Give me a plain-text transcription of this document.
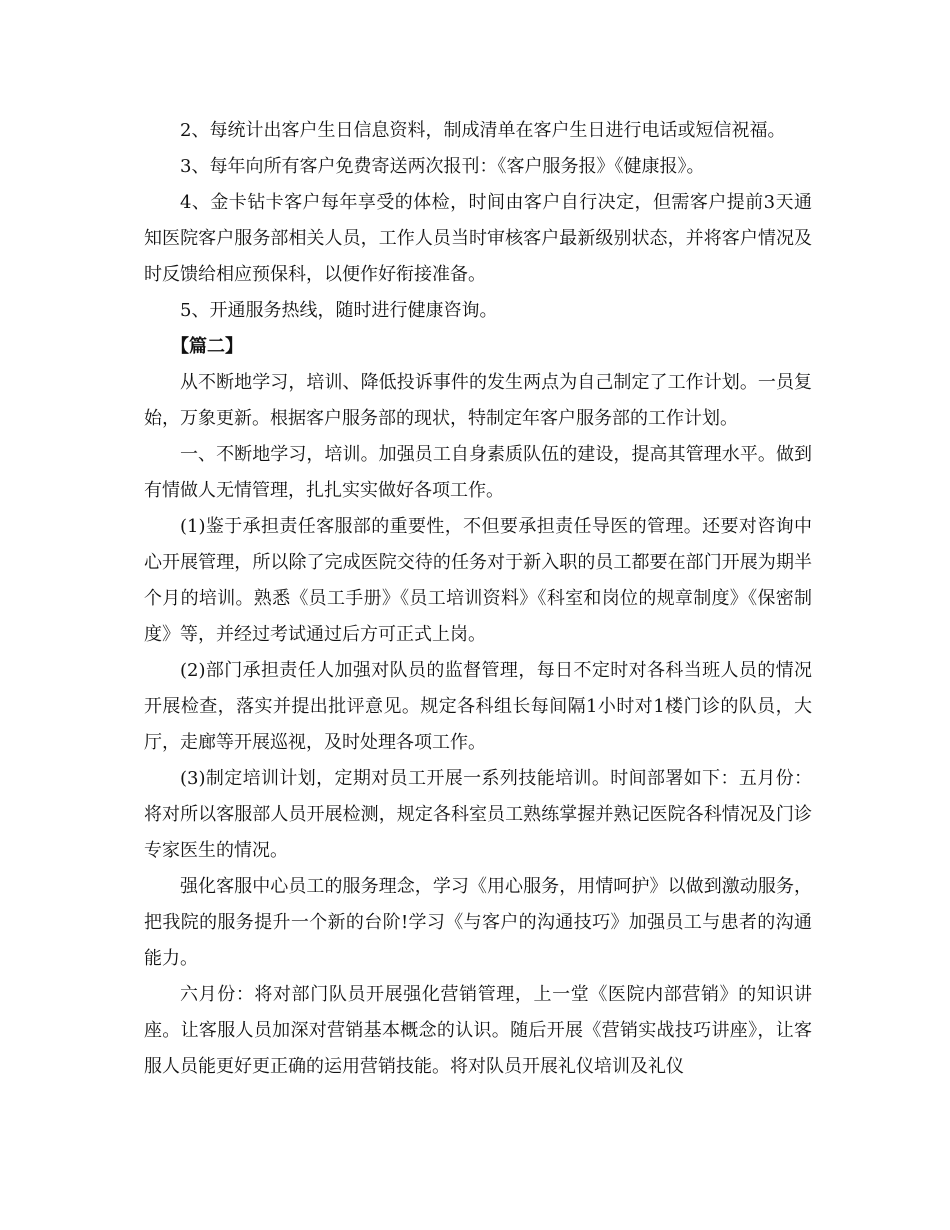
2、每统计出客户生日信息资料，制成清单在客户生日进行电话或短信祝福。

3、每年向所有客户免费寄送两次报刊：《客户服务报》《健康报》。

4、金卡钻卡客户每年享受的体检，时间由客户自行决定，但需客户提前3天通知医院客户服务部相关人员，工作人员当时审核客户最新级别状态，并将客户情况及时反馈给相应预保科，以便作好衔接准备。

5、开通服务热线，随时进行健康咨询。

【篇二】

从不断地学习，培训、降低投诉事件的发生两点为自己制定了工作计划。一员复始，万象更新。根据客户服务部的现状，特制定年客户服务部的工作计划。

一、不断地学习，培训。加强员工自身素质队伍的建设，提高其管理水平。做到有情做人无情管理，扎扎实实做好各项工作。

(1)鉴于承担责任客服部的重要性，不但要承担责任导医的管理。还要对咨询中心开展管理，所以除了完成医院交待的任务对于新入职的员工都要在部门开展为期半个月的培训。熟悉《员工手册》《员工培训资料》《科室和岗位的规章制度》《保密制度》等，并经过考试通过后方可正式上岗。

(2)部门承担责任人加强对队员的监督管理，每日不定时对各科当班人员的情况开展检查，落实并提出批评意见。规定各科组长每间隔1小时对1楼门诊的队员，大厅，走廊等开展巡视，及时处理各项工作。

(3)制定培训计划，定期对员工开展一系列技能培训。时间部署如下：五月份：将对所以客服部人员开展检测，规定各科室员工熟练掌握并熟记医院各科情况及门诊专家医生的情况。

强化客服中心员工的服务理念，学习《用心服务，用情呵护》以做到激动服务，把我院的服务提升一个新的台阶!学习《与客户的沟通技巧》加强员工与患者的沟通能力。

六月份：将对部门队员开展强化营销管理，上一堂《医院内部营销》的知识讲座。让客服人员加深对营销基本概念的认识。随后开展《营销实战技巧讲座》，让客服人员能更好更正确的运用营销技能。将对队员开展礼仪培训及礼仪
